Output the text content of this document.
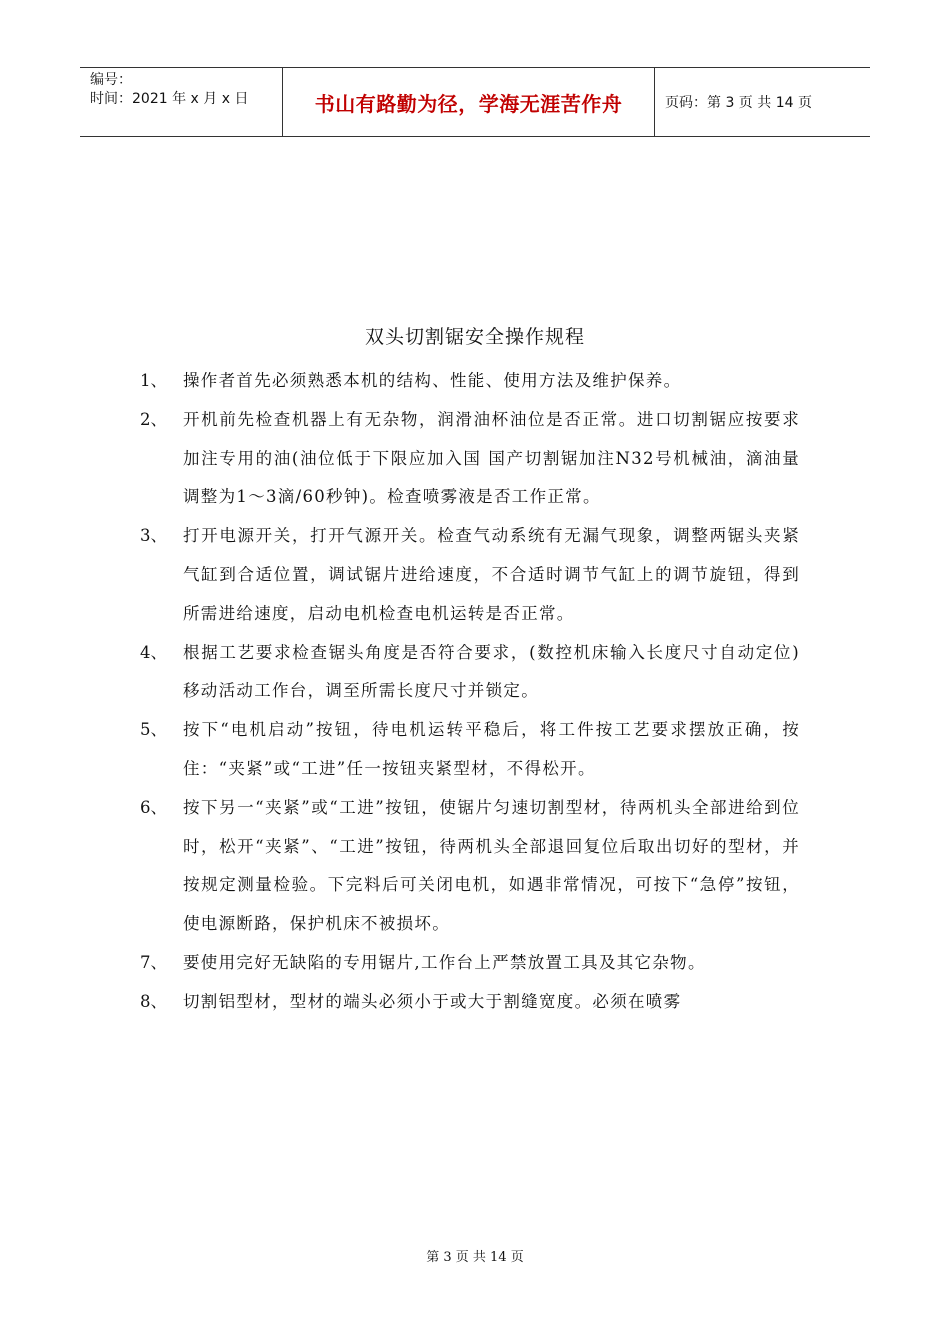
编号：
时间：2021 年 x 月 x 日	书山有路勤为径，学海无涯苦作舟	页码：第 3 页 共 14 页
双头切割锯安全操作规程
1、 操作者首先必须熟悉本机的结构、性能、使用方法及维护保养。
2、 开机前先检查机器上有无杂物，润滑油杯油位是否正常。进口切割锯应按要求加注专用的油(油位低于下限应加入国 国产切割锯加注N32号机械油，滴油量调整为1～3滴/60秒钟)。检查喷雾液是否工作正常。
3、 打开电源开关，打开气源开关。检查气动系统有无漏气现象，调整两锯头夹紧气缸到合适位置，调试锯片进给速度，不合适时调节气缸上的调节旋钮，得到所需进给速度，启动电机检查电机运转是否正常。
4、 根据工艺要求检查锯头角度是否符合要求，(数控机床输入长度尺寸自动定位)移动活动工作台，调至所需长度尺寸并锁定。
5、 按下“电机启动”按钮，待电机运转平稳后，将工件按工艺要求摆放正确，按住：“夹紧”或“工进”任一按钮夹紧型材，不得松开。
6、 按下另一“夹紧”或“工进”按钮，使锯片匀速切割型材，待两机头全部进给到位时，松开“夹紧”、“工进”按钮，待两机头全部退回复位后取出切好的型材，并按规定测量检验。下完料后可关闭电机，如遇非常情况，可按下“急停”按钮，使电源断路，保护机床不被损坏。
7、 要使用完好无缺陷的专用锯片,工作台上严禁放置工具及其它杂物。
8、 切割铝型材，型材的端头必须小于或大于割缝宽度。必须在喷雾
第 3 页 共 14 页
